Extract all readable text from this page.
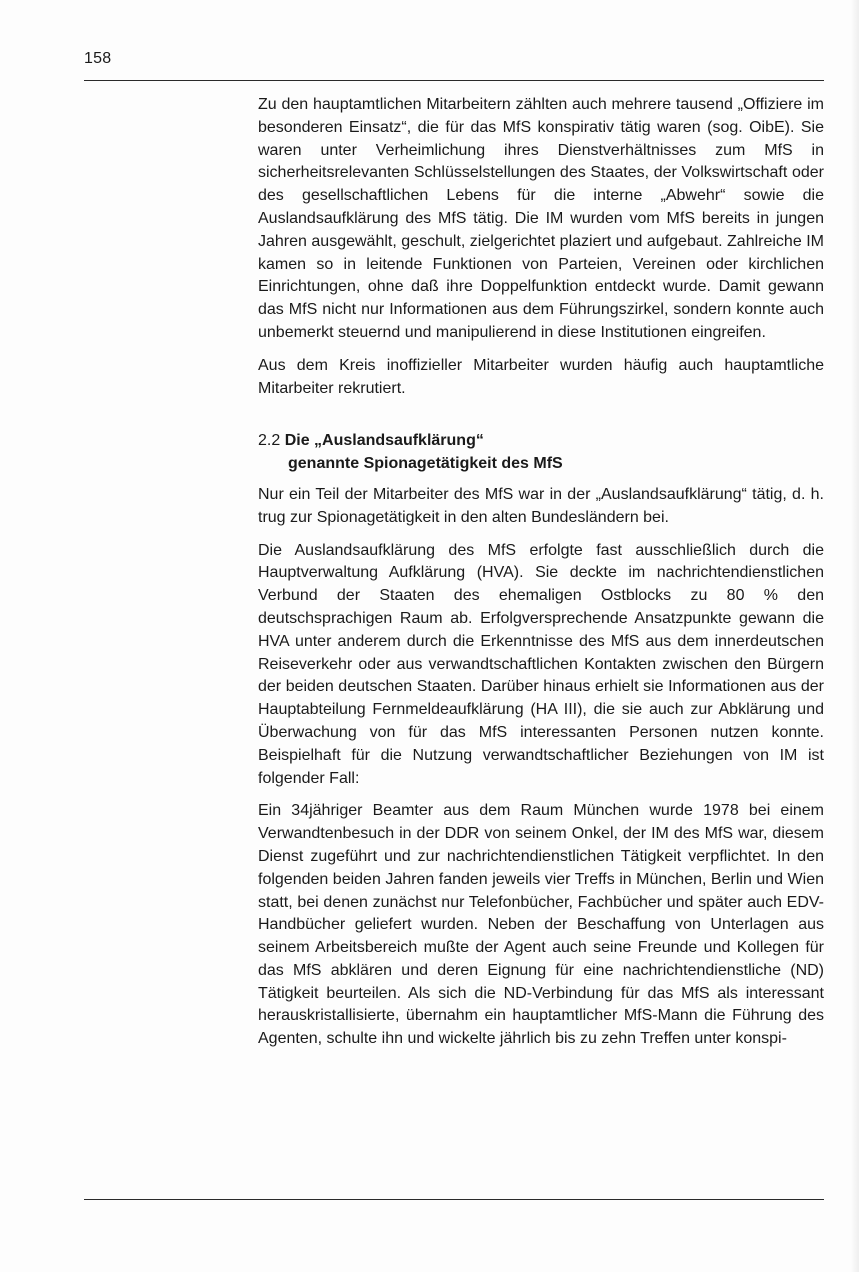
158

Zu den hauptamtlichen Mitarbeitern zählten auch mehrere tausend „Offiziere im besonderen Einsatz“, die für das MfS konspirativ tätig waren (sog. OibE). Sie waren unter Verheimlichung ihres Dienstverhältnisses zum MfS in sicherheitsrelevanten Schlüsselstellungen des Staates, der Volkswirtschaft oder des gesellschaftlichen Lebens für die interne „Abwehr“ sowie die Auslandsaufklärung des MfS tätig. Die IM wurden vom MfS bereits in jungen Jahren ausgewählt, geschult, zielgerichtet plaziert und aufgebaut. Zahlreiche IM kamen so in leitende Funktionen von Parteien, Vereinen oder kirchlichen Einrichtungen, ohne daß ihre Doppelfunktion entdeckt wurde. Damit gewann das MfS nicht nur Informationen aus dem Führungszirkel, sondern konnte auch unbemerkt steuernd und manipulierend in diese Institutionen eingreifen.

Aus dem Kreis inoffizieller Mitarbeiter wurden häufig auch hauptamtliche Mitarbeiter rekrutiert.

2.2 Die „Auslandsaufklärung“
genannte Spionagetätigkeit des MfS

Nur ein Teil der Mitarbeiter des MfS war in der „Auslandsaufklärung“ tätig, d. h. trug zur Spionagetätigkeit in den alten Bundesländern bei.

Die Auslandsaufklärung des MfS erfolgte fast ausschließlich durch die Hauptverwaltung Aufklärung (HVA). Sie deckte im nachrichtendienstlichen Verbund der Staaten des ehemaligen Ostblocks zu 80 % den deutschsprachigen Raum ab. Erfolgversprechende Ansatzpunkte gewann die HVA unter anderem durch die Erkenntnisse des MfS aus dem innerdeutschen Reiseverkehr oder aus verwandtschaftlichen Kontakten zwischen den Bürgern der beiden deutschen Staaten. Darüber hinaus erhielt sie Informationen aus der Hauptabteilung Fernmeldeaufklärung (HA III), die sie auch zur Abklärung und Überwachung von für das MfS interessanten Personen nutzen konnte. Beispielhaft für die Nutzung verwandtschaftlicher Beziehungen von IM ist folgender Fall:

Ein 34jähriger Beamter aus dem Raum München wurde 1978 bei einem Verwandtenbesuch in der DDR von seinem Onkel, der IM des MfS war, diesem Dienst zugeführt und zur nachrichtendienstlichen Tätigkeit verpflichtet. In den folgenden beiden Jahren fanden jeweils vier Treffs in München, Berlin und Wien statt, bei denen zunächst nur Telefonbücher, Fachbücher und später auch EDV-Handbücher geliefert wurden. Neben der Beschaffung von Unterlagen aus seinem Arbeitsbereich mußte der Agent auch seine Freunde und Kollegen für das MfS abklären und deren Eignung für eine nachrichtendienstliche (ND) Tätigkeit beurteilen. Als sich die ND-Verbindung für das MfS als interessant herauskristallisierte, übernahm ein hauptamtlicher MfS-Mann die Führung des Agenten, schulte ihn und wickelte jährlich bis zu zehn Treffen unter konspi-
